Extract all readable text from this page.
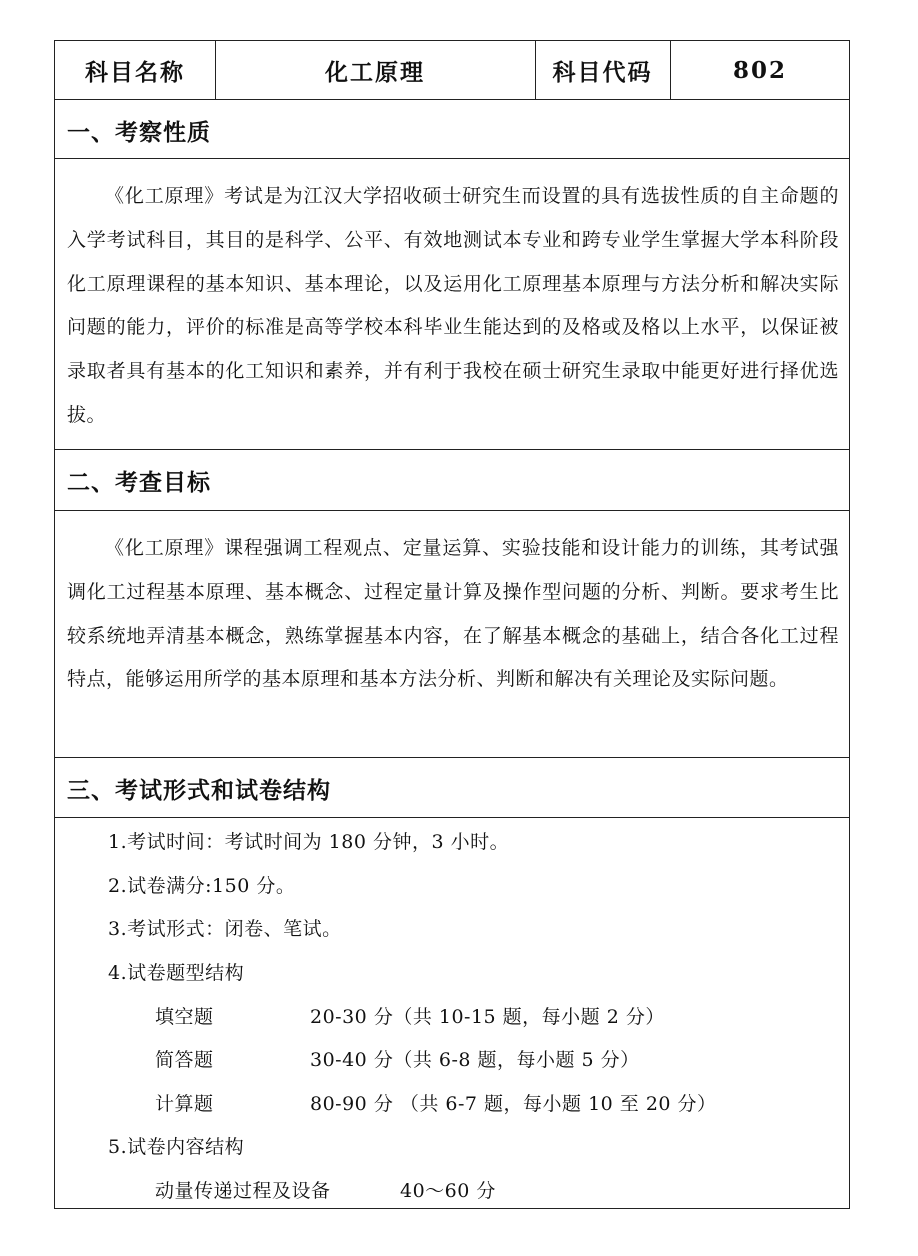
科目名称	化工原理	科目代码	802
一、考察性质

《化工原理》考试是为江汉大学招收硕士研究生而设置的具有选拔性质的自主命题的入学考试科目，其目的是科学、公平、有效地测试本专业和跨专业学生掌握大学本科阶段化工原理课程的基本知识、基本理论，以及运用化工原理基本原理与方法分析和解决实际问题的能力，评价的标准是高等学校本科毕业生能达到的及格或及格以上水平，以保证被录取者具有基本的化工知识和素养，并有利于我校在硕士研究生录取中能更好进行择优选拔。

二、考查目标

《化工原理》课程强调工程观点、定量运算、实验技能和设计能力的训练，其考试强调化工过程基本原理、基本概念、过程定量计算及操作型问题的分析、判断。要求考生比较系统地弄清基本概念，熟练掌握基本内容，在了解基本概念的基础上，结合各化工过程特点，能够运用所学的基本原理和基本方法分析、判断和解决有关理论及实际问题。

三、考试形式和试卷结构
1.考试时间：考试时间为 180 分钟，3 小时。
2.试卷满分:150 分。
3.考试形式：闭卷、笔试。
4.试卷题型结构
填空题	20-30 分（共 10-15 题，每小题 2 分）
简答题	30-40 分（共 6-8 题，每小题 5 分）
计算题	80-90 分 （共 6-7 题，每小题 10 至 20 分）
5.试卷内容结构
动量传递过程及设备	40～60 分
